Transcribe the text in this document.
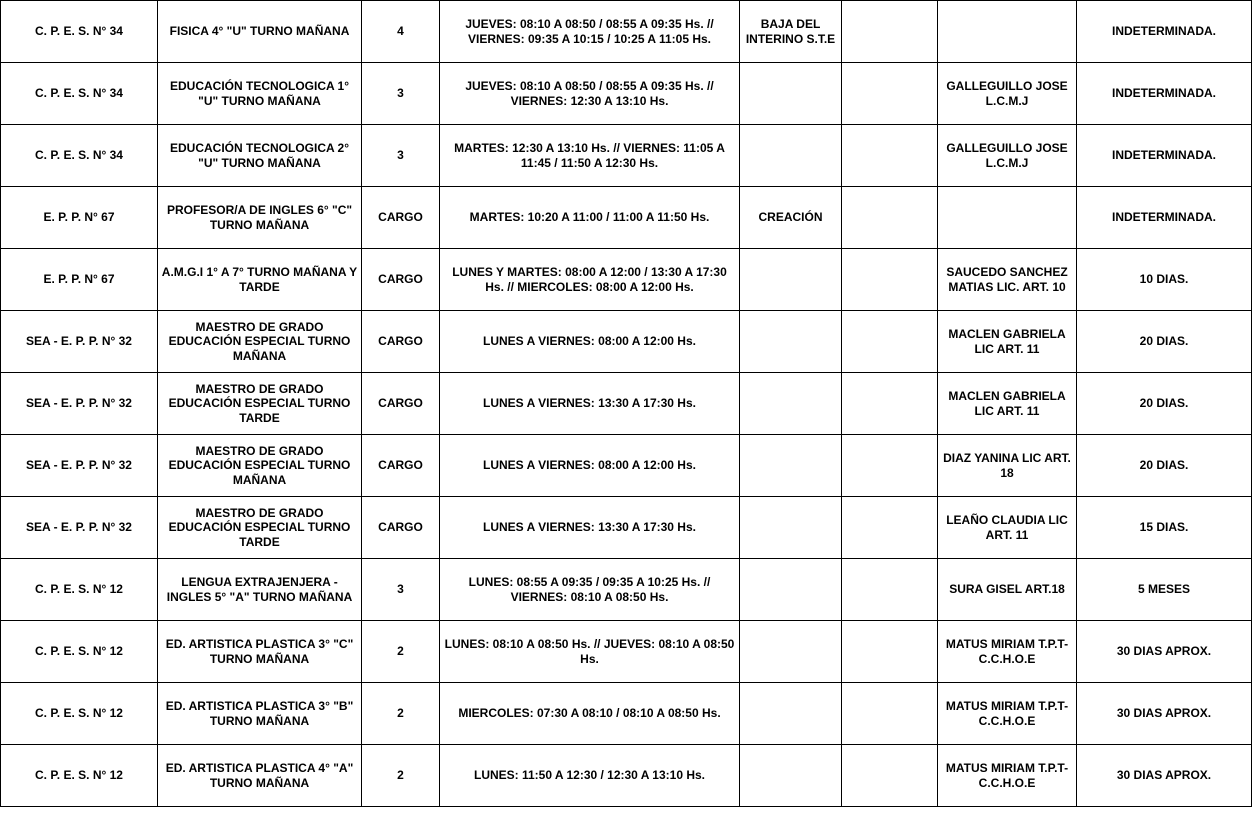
C. P. E. S. N° 34	FISICA 4° "U" TURNO MAÑANA	4	JUEVES: 08:10 A 08:50 / 08:55 A 09:35 Hs. // VIERNES: 09:35 A 10:15 / 10:25 A 11:05 Hs.	BAJA DEL INTERINO S.T.E			INDETERMINADA.
C. P. E. S. N° 34	EDUCACIÓN TECNOLOGICA 1° "U" TURNO MAÑANA	3	JUEVES: 08:10 A 08:50 / 08:55 A 09:35 Hs. // VIERNES: 12:30 A 13:10 Hs.			GALLEGUILLO JOSE L.C.M.J	INDETERMINADA.
C. P. E. S. N° 34	EDUCACIÓN TECNOLOGICA 2° "U" TURNO MAÑANA	3	MARTES: 12:30 A 13:10 Hs. // VIERNES: 11:05 A 11:45 / 11:50 A 12:30 Hs.			GALLEGUILLO JOSE L.C.M.J	INDETERMINADA.
E. P. P. N° 67	PROFESOR/A DE INGLES 6° "C" TURNO MAÑANA	CARGO	MARTES: 10:20 A 11:00 / 11:00 A 11:50 Hs.	CREACIÓN			INDETERMINADA.
E. P. P. N° 67	A.M.G.I 1° A 7° TURNO MAÑANA Y TARDE	CARGO	LUNES Y MARTES: 08:00 A 12:00 / 13:30 A 17:30 Hs. // MIERCOLES: 08:00 A 12:00 Hs.			SAUCEDO SANCHEZ MATIAS LIC. ART. 10	10 DIAS.
SEA - E. P. P. N° 32	MAESTRO DE GRADO EDUCACIÓN ESPECIAL TURNO MAÑANA	CARGO	LUNES A VIERNES: 08:00 A 12:00 Hs.			MACLEN GABRIELA LIC ART. 11	20 DIAS.
SEA - E. P. P. N° 32	MAESTRO DE GRADO EDUCACIÓN ESPECIAL TURNO TARDE	CARGO	LUNES A VIERNES: 13:30 A 17:30 Hs.			MACLEN GABRIELA LIC ART. 11	20 DIAS.
SEA - E. P. P. N° 32	MAESTRO DE GRADO EDUCACIÓN ESPECIAL TURNO MAÑANA	CARGO	LUNES A VIERNES: 08:00 A 12:00 Hs.			DIAZ YANINA LIC ART. 18	20 DIAS.
SEA - E. P. P. N° 32	MAESTRO DE GRADO EDUCACIÓN ESPECIAL TURNO TARDE	CARGO	LUNES A VIERNES: 13:30 A 17:30 Hs.			LEAÑO CLAUDIA LIC ART. 11	15 DIAS.
C. P. E. S. N° 12	LENGUA EXTRAJENJERA - INGLES 5° "A" TURNO MAÑANA	3	LUNES: 08:55 A 09:35 / 09:35 A 10:25 Hs. // VIERNES: 08:10 A 08:50 Hs.			SURA GISEL ART.18	5 MESES
C. P. E. S. N° 12	ED. ARTISTICA PLASTICA 3° "C" TURNO MAÑANA	2	LUNES: 08:10 A 08:50 Hs. // JUEVES: 08:10 A 08:50 Hs.			MATUS MIRIAM T.P.T- C.C.H.O.E	30 DIAS APROX.
C. P. E. S. N° 12	ED. ARTISTICA PLASTICA 3° "B" TURNO MAÑANA	2	MIERCOLES: 07:30 A 08:10 / 08:10 A 08:50 Hs.			MATUS MIRIAM T.P.T- C.C.H.O.E	30 DIAS APROX.
C. P. E. S. N° 12	ED. ARTISTICA PLASTICA 4° "A" TURNO MAÑANA	2	LUNES: 11:50 A 12:30 / 12:30 A 13:10 Hs.			MATUS MIRIAM T.P.T- C.C.H.O.E	30 DIAS APROX.
